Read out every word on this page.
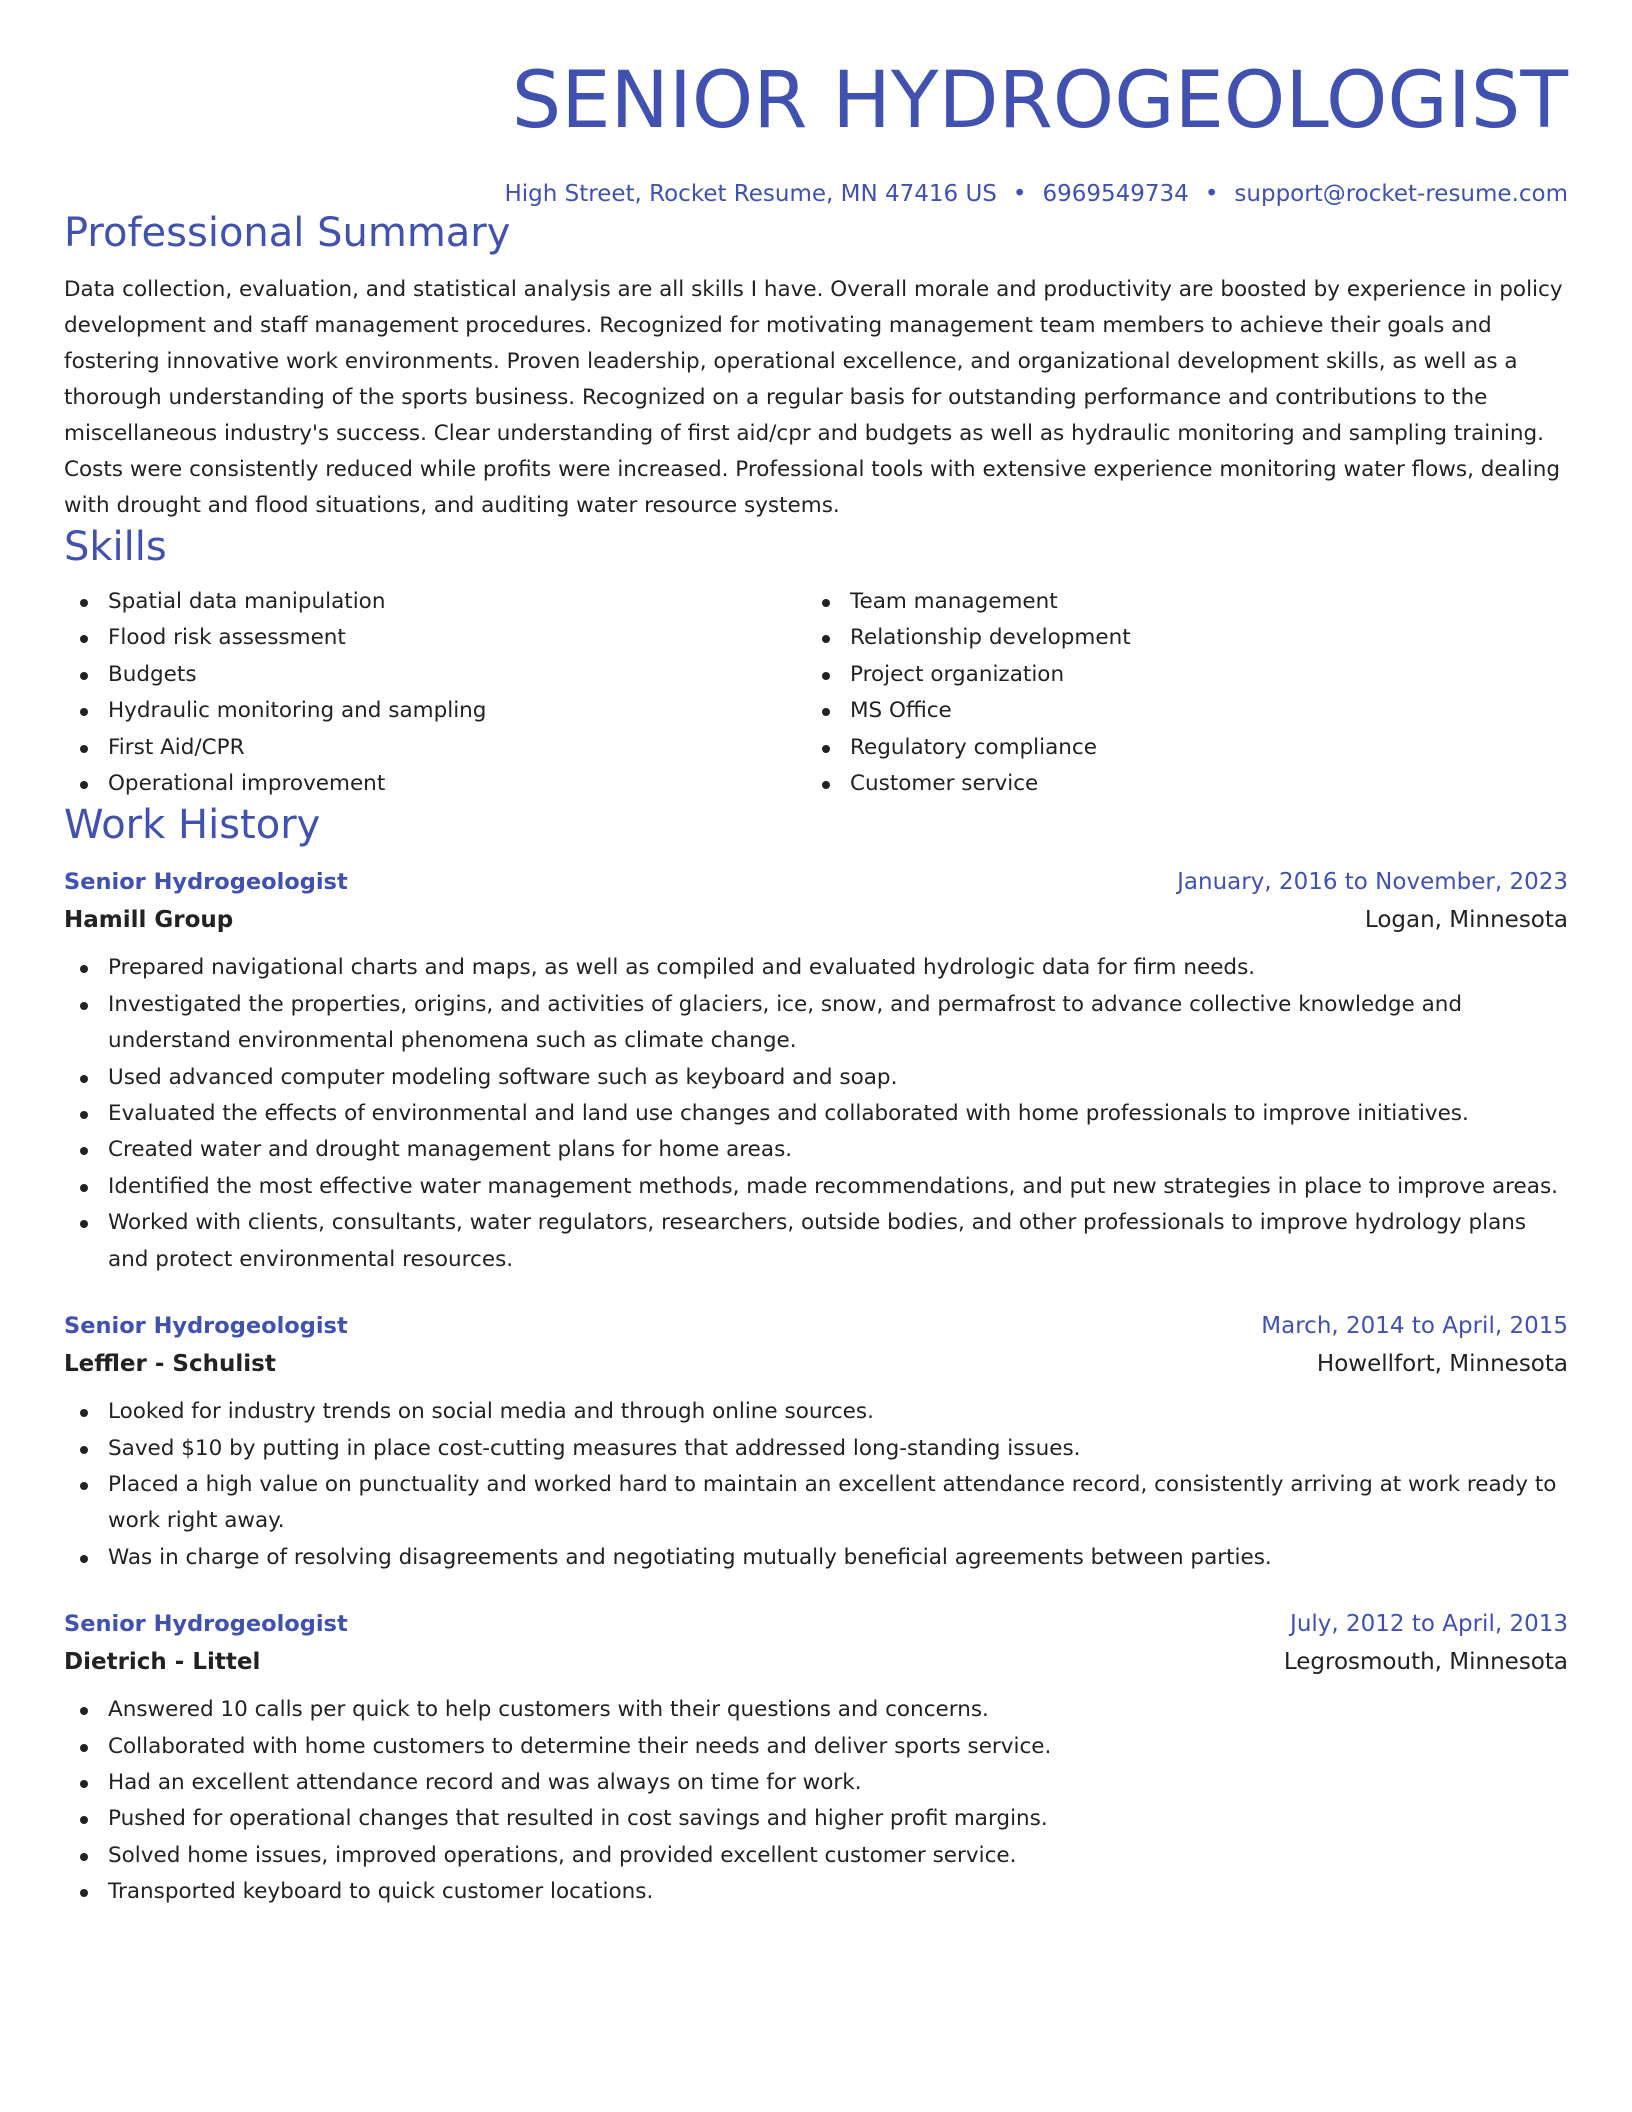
SENIOR HYDROGEOLOGIST
High Street, Rocket Resume, MN 47416 US • 6969549734 • support@rocket-resume.com
Professional Summary

Data collection, evaluation, and statistical analysis are all skills I have. Overall morale and productivity are boosted by experience in policy development and staff management procedures. Recognized for motivating management team members to achieve their goals and fostering innovative work environments. Proven leadership, operational excellence, and organizational development skills, as well as a thorough understanding of the sports business. Recognized on a regular basis for outstanding performance and contributions to the miscellaneous industry's success. Clear understanding of first aid/cpr and budgets as well as hydraulic monitoring and sampling training. Costs were consistently reduced while profits were increased. Professional tools with extensive experience monitoring water flows, dealing with drought and flood situations, and auditing water resource systems.

Skills
Spatial data manipulation
Flood risk assessment
Budgets
Hydraulic monitoring and sampling
First Aid/CPR
Operational improvement
Team management
Relationship development
Project organization
MS Office
Regulatory compliance
Customer service
Work History
Senior Hydrogeologist	January, 2016 to November, 2023
Hamill Group	Logan, Minnesota
Prepared navigational charts and maps, as well as compiled and evaluated hydrologic data for firm needs.
Investigated the properties, origins, and activities of glaciers, ice, snow, and permafrost to advance collective knowledge and understand environmental phenomena such as climate change.
Used advanced computer modeling software such as keyboard and soap.
Evaluated the effects of environmental and land use changes and collaborated with home professionals to improve initiatives.
Created water and drought management plans for home areas.
Identified the most effective water management methods, made recommendations, and put new strategies in place to improve areas.
Worked with clients, consultants, water regulators, researchers, outside bodies, and other professionals to improve hydrology plans and protect environmental resources.
Senior Hydrogeologist	March, 2014 to April, 2015
Leffler - Schulist	Howellfort, Minnesota
Looked for industry trends on social media and through online sources.
Saved $10 by putting in place cost-cutting measures that addressed long-standing issues.
Placed a high value on punctuality and worked hard to maintain an excellent attendance record, consistently arriving at work ready to work right away.
Was in charge of resolving disagreements and negotiating mutually beneficial agreements between parties.
Senior Hydrogeologist	July, 2012 to April, 2013
Dietrich - Littel	Legrosmouth, Minnesota
Answered 10 calls per quick to help customers with their questions and concerns.
Collaborated with home customers to determine their needs and deliver sports service.
Had an excellent attendance record and was always on time for work.
Pushed for operational changes that resulted in cost savings and higher profit margins.
Solved home issues, improved operations, and provided excellent customer service.
Transported keyboard to quick customer locations.
